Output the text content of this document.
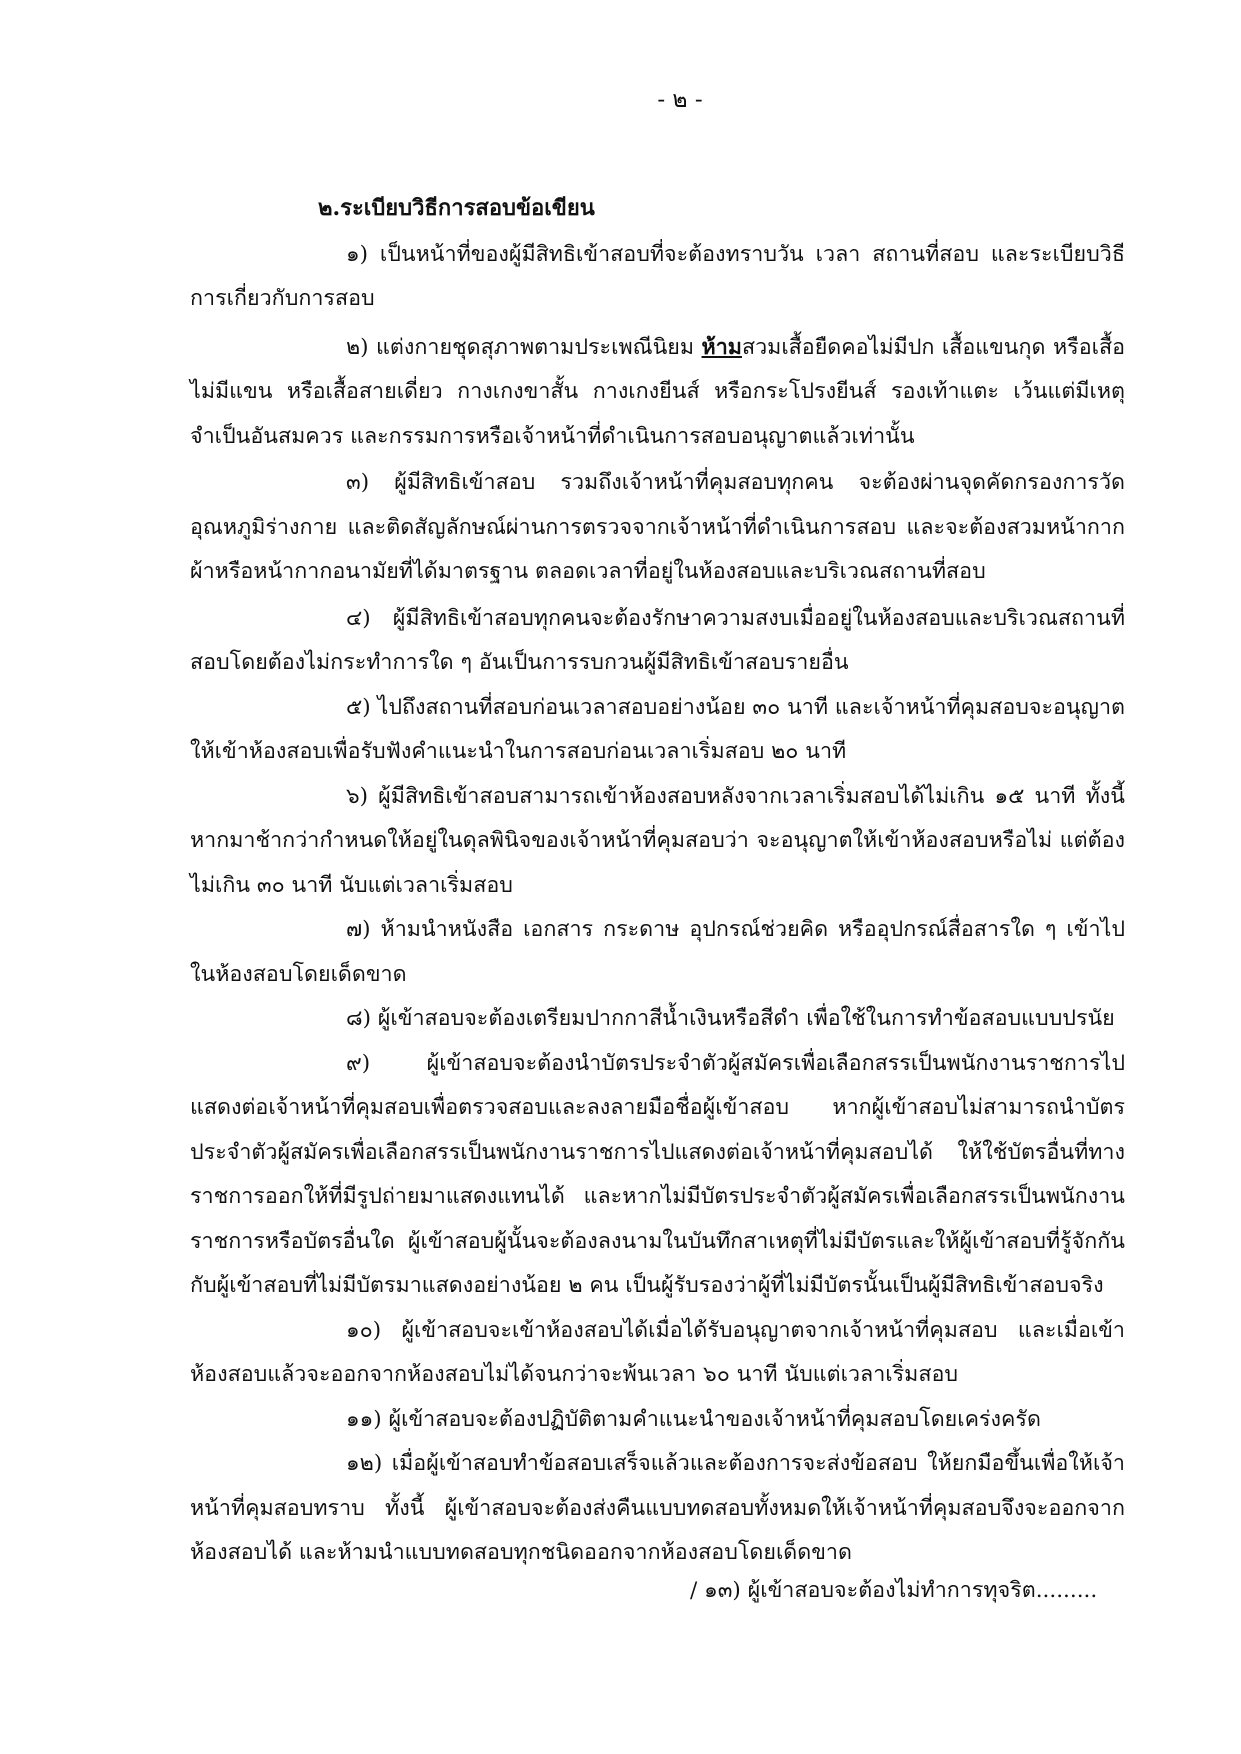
- ๒ -

๒.ระเบียบวิธีการสอบข้อเขียน

๑) เป็นหน้าที่ของผู้มีสิทธิเข้าสอบที่จะต้องทราบวัน เวลา สถานที่สอบ และระเบียบวิธีการเกี่ยวกับการสอบ

๒) แต่งกายชุดสุภาพตามประเพณีนิยม ห้ามสวมเสื้อยืดคอไม่มีปก เสื้อแขนกุด หรือเสื้อไม่มีแขน หรือเสื้อสายเดี่ยว กางเกงขาสั้น กางเกงยีนส์ หรือกระโปรงยีนส์ รองเท้าแตะ เว้นแต่มีเหตุจำเป็นอันสมควร และกรรมการหรือเจ้าหน้าที่ดำเนินการสอบอนุญาตแล้วเท่านั้น

๓) ผู้มีสิทธิเข้าสอบ รวมถึงเจ้าหน้าที่คุมสอบทุกคน จะต้องผ่านจุดคัดกรองการวัดอุณหภูมิร่างกาย และติดสัญลักษณ์ผ่านการตรวจจากเจ้าหน้าที่ดำเนินการสอบ และจะต้องสวมหน้ากากผ้าหรือหน้ากากอนามัยที่ได้มาตรฐาน ตลอดเวลาที่อยู่ในห้องสอบและบริเวณสถานที่สอบ

๔) ผู้มีสิทธิเข้าสอบทุกคนจะต้องรักษาความสงบเมื่ออยู่ในห้องสอบและบริเวณสถานที่สอบโดยต้องไม่กระทำการใด ๆ อันเป็นการรบกวนผู้มีสิทธิเข้าสอบรายอื่น

๕) ไปถึงสถานที่สอบก่อนเวลาสอบอย่างน้อย ๓๐ นาที และเจ้าหน้าที่คุมสอบจะอนุญาตให้เข้าห้องสอบเพื่อรับฟังคำแนะนำในการสอบก่อนเวลาเริ่มสอบ ๒๐ นาที

๖) ผู้มีสิทธิเข้าสอบสามารถเข้าห้องสอบหลังจากเวลาเริ่มสอบได้ไม่เกิน ๑๕ นาที ทั้งนี้หากมาช้ากว่ากำหนดให้อยู่ในดุลพินิจของเจ้าหน้าที่คุมสอบว่า จะอนุญาตให้เข้าห้องสอบหรือไม่ แต่ต้องไม่เกิน ๓๐ นาที นับแต่เวลาเริ่มสอบ

๗) ห้ามนำหนังสือ เอกสาร กระดาษ อุปกรณ์ช่วยคิด หรืออุปกรณ์สื่อสารใด ๆ เข้าไปในห้องสอบโดยเด็ดขาด

๘) ผู้เข้าสอบจะต้องเตรียมปากกาสีน้ำเงินหรือสีดำ เพื่อใช้ในการทำข้อสอบแบบปรนัย

๙) ผู้เข้าสอบจะต้องนำบัตรประจำตัวผู้สมัครเพื่อเลือกสรรเป็นพนักงานราชการไปแสดงต่อเจ้าหน้าที่คุมสอบเพื่อตรวจสอบและลงลายมือชื่อผู้เข้าสอบ หากผู้เข้าสอบไม่สามารถนำบัตรประจำตัวผู้สมัครเพื่อเลือกสรรเป็นพนักงานราชการไปแสดงต่อเจ้าหน้าที่คุมสอบได้ ให้ใช้บัตรอื่นที่ทางราชการออกให้ที่มีรูปถ่ายมาแสดงแทนได้ และหากไม่มีบัตรประจำตัวผู้สมัครเพื่อเลือกสรรเป็นพนักงานราชการหรือบัตรอื่นใด ผู้เข้าสอบผู้นั้นจะต้องลงนามในบันทึกสาเหตุที่ไม่มีบัตรและให้ผู้เข้าสอบที่รู้จักกันกับผู้เข้าสอบที่ไม่มีบัตรมาแสดงอย่างน้อย ๒ คน เป็นผู้รับรองว่าผู้ที่ไม่มีบัตรนั้นเป็นผู้มีสิทธิเข้าสอบจริง

๑๐) ผู้เข้าสอบจะเข้าห้องสอบได้เมื่อได้รับอนุญาตจากเจ้าหน้าที่คุมสอบ และเมื่อเข้าห้องสอบแล้วจะออกจากห้องสอบไม่ได้จนกว่าจะพ้นเวลา ๖๐ นาที นับแต่เวลาเริ่มสอบ

๑๑) ผู้เข้าสอบจะต้องปฏิบัติตามคำแนะนำของเจ้าหน้าที่คุมสอบโดยเคร่งครัด

๑๒) เมื่อผู้เข้าสอบทำข้อสอบเสร็จแล้วและต้องการจะส่งข้อสอบ ให้ยกมือขึ้นเพื่อให้เจ้าหน้าที่คุมสอบทราบ ทั้งนี้ ผู้เข้าสอบจะต้องส่งคืนแบบทดสอบทั้งหมดให้เจ้าหน้าที่คุมสอบจึงจะออกจากห้องสอบได้ และห้ามนำแบบทดสอบทุกชนิดออกจากห้องสอบโดยเด็ดขาด

/ ๑๓) ผู้เข้าสอบจะต้องไม่ทำการทุจริต.........
